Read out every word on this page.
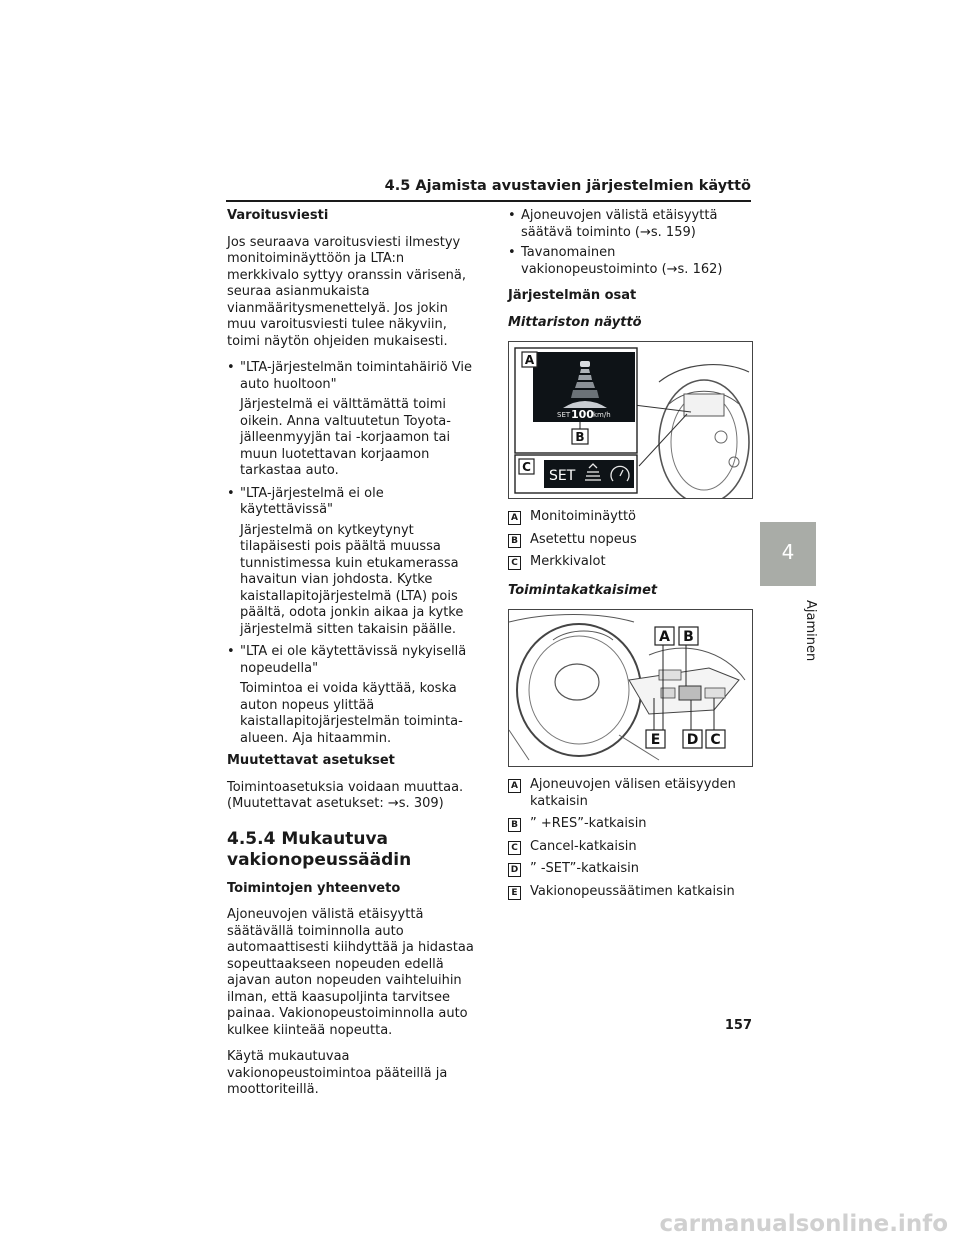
4.5 Ajamista avustavien järjestelmien käyttö
4
Ajaminen
Varoitusviesti

Jos seuraava varoitusviesti ilmestyy monitoiminäyttöön ja LTA:n merkkivalo syttyy oranssin värisenä, seuraa asianmukaista vianmääritysmenettelyä. Jos jokin muu varoitusviesti tulee näkyviin, toimi näytön ohjeiden mukaisesti.

• "LTA-järjestelmän toimintahäiriö Vie auto huoltoon"
Järjestelmä ei välttämättä toimi oikein. Anna valtuutetun Toyota-jälleenmyyjän tai -korjaamon tai muun luotettavan korjaamon tarkastaa auto.
• "LTA-järjestelmä ei ole käytettävissä"
Järjestelmä on kytkeytynyt tilapäisesti pois päältä muussa tunnistimessa kuin etukamerassa havaitun vian johdosta. Kytke kaistallapitojärjestelmä (LTA) pois päältä, odota jonkin aikaa ja kytke järjestelmä sitten takaisin päälle.
• "LTA ei ole käytettävissä nykyisellä nopeudella"
Toimintoa ei voida käyttää, koska auton nopeus ylittää kaistallapitojärjestelmän toiminta-alueen. Aja hitaammin.
Muutettavat asetukset

Toimintoasetuksia voidaan muuttaa. (Muutettavat asetukset: →s. 309)

4.5.4 Mukautuva vakionopeussäädin
Toimintojen yhteenveto

Ajoneuvojen välistä etäisyyttä säätävällä toiminnolla auto automaattisesti kiihdyttää ja hidastaa sopeuttaakseen nopeuden edellä ajavan auton nopeuden vaihteluihin ilman, että kaasupoljinta tarvitsee painaa. Vakionopeustoiminnolla auto kulkee kiinteää nopeutta.

Käytä mukautuvaa vakionopeustoimintoa pääteillä ja moottoriteillä.

• Ajoneuvojen välistä etäisyyttä säätävä toiminto (→s. 159)
• Tavanomainen vakionopeustoiminto (→s. 162)
Järjestelmän osat
Mittariston näyttö
A
SET 100 km/h
B
C
SET
A Monitoiminäyttö
B Asetettu nopeus
C Merkkivalot
Toimintakatkaisimet
A B
E D C
A Ajoneuvojen välisen etäisyyden katkaisin
B ” +RES”-katkaisin
C Cancel-katkaisin
D ” -SET”-katkaisin
E Vakionopeussäätimen katkaisin
157
carmanualsonline.info
